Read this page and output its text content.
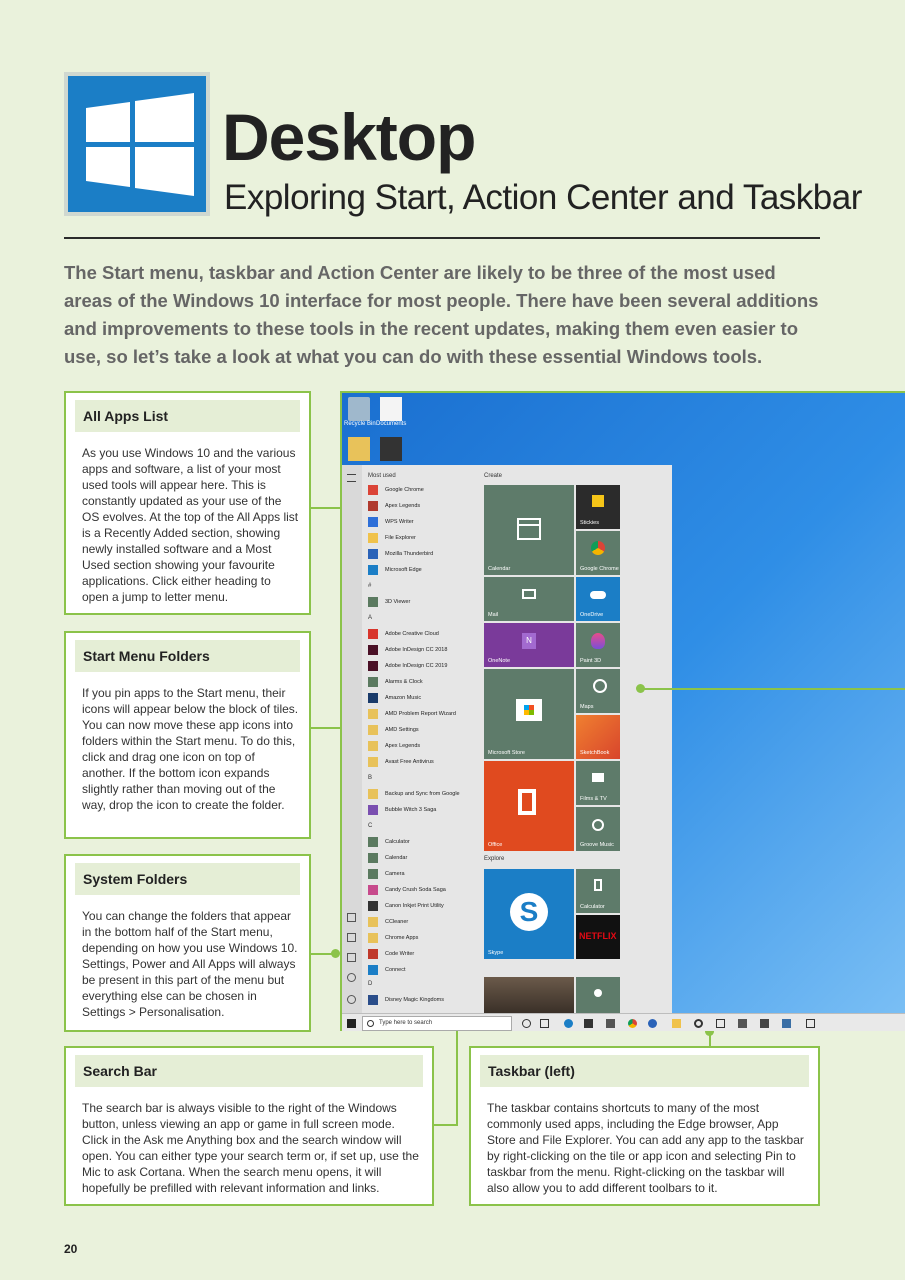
Desktop
Exploring Start, Action Center and Taskbar
The Start menu, taskbar and Action Center are likely to be three of the most used areas of the Windows 10 interface for most people. There have been several additions and improvements to these tools in the recent updates, making them even easier to use, so let’s take a look at what you can do with these essential Windows tools.
All Apps List
As you use Windows 10 and the various apps and software, a list of your most used tools will appear here. This is constantly updated as your use of the OS evolves. At the top of the All Apps list is a Recently Added section, showing newly installed software and a Most Used section showing your favourite applications. Click either heading to open a jump to letter menu.
Start Menu Folders
If you pin apps to the Start menu, their icons will appear below the block of tiles. You can now move these app icons into folders within the Start menu. To do this, click and drag one icon on top of another. If the bottom icon expands slightly rather than moving out of the way, drop the icon to create the folder.
System Folders
You can change the folders that appear in the bottom half of the Start menu, depending on how you use Windows 10. Settings, Power and All Apps will always be present in this part of the menu but everything else can be chosen in Settings > Personalisation.
Search Bar
The search bar is always visible to the right of the Windows button, unless viewing an app or game in full screen mode. Click in the Ask me Anything box and the search window will open. You can either type your search term or, if set up, use the Mic to ask Cortana. When the search menu opens, it will hopefully be prefilled with relevant information and links.
Taskbar (left)
The taskbar contains shortcuts to many of the most commonly used apps, including the Edge browser, App Store and File Explorer. You can add any app to the taskbar by right-clicking on the tile or app icon and selecting Pin to taskbar from the menu. Right-clicking on the taskbar will also allow you to add different toolbars to it.
Recycle Bin Documents
Most used
Google Chrome
Apex Legends
WPS Writer
File Explorer
Mozilla Thunderbird
Microsoft Edge
#
3D Viewer
A
Adobe Creative Cloud
Adobe InDesign CC 2018
Adobe InDesign CC 2019
Alarms & Clock
Amazon Music
AMD Problem Report Wizard
AMD Settings
Apex Legends
Avast Free Antivirus
B
Backup and Sync from Google
Bubble Witch 3 Saga
C
Calculator
Calendar
Camera
Candy Crush Soda Saga
Canon Inkjet Print Utility
CCleaner
Chrome Apps
Code Writer
Connect
D
Disney Magic Kingdoms
Create
Explore
Calendar
Stickies
Google Chrome
Mail	OneDrive
N
OneNote	Paint 3D
Microsoft Store
Maps
SketchBook
Office
Films & TV
Groove Music
S
Skype
Calculator
NETFLIX
Type here to search
20
